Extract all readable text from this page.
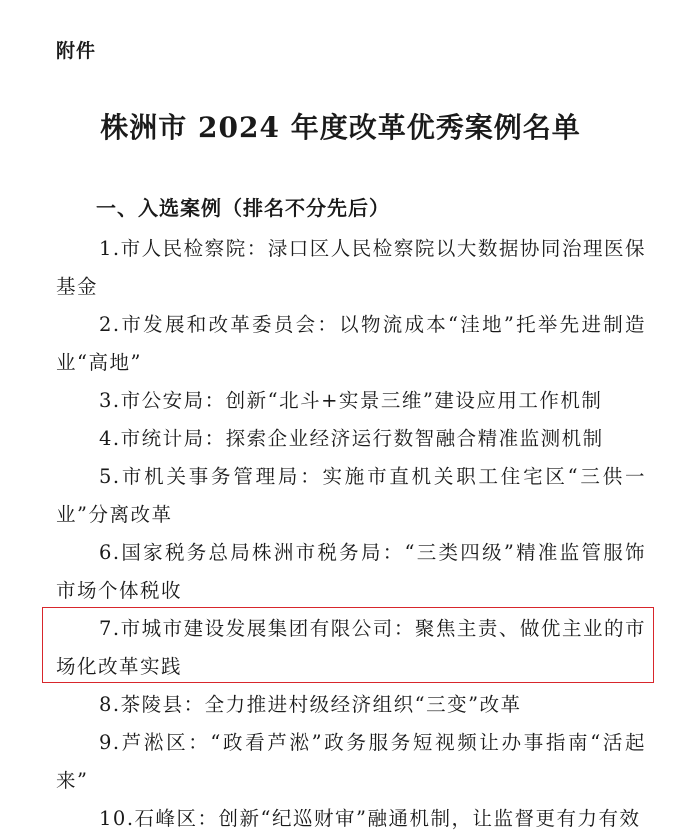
附件
株洲市 2024 年度改革优秀案例名单
一、入选案例（排名不分先后）
1.市人民检察院：渌口区人民检察院以大数据协同治理医保基金
2.市发展和改革委员会：以物流成本“洼地”托举先进制造业“高地”
3.市公安局：创新“北斗+实景三维”建设应用工作机制
4.市统计局：探索企业经济运行数智融合精准监测机制
5.市机关事务管理局：实施市直机关职工住宅区“三供一业”分离改革
6.国家税务总局株洲市税务局：“三类四级”精准监管服饰市场个体税收
7.市城市建设发展集团有限公司：聚焦主责、做优主业的市场化改革实践
8.茶陵县：全力推进村级经济组织“三变”改革
9.芦淞区：“政看芦淞”政务服务短视频让办事指南“活起来”
10.石峰区：创新“纪巡财审”融通机制，让监督更有力有效
